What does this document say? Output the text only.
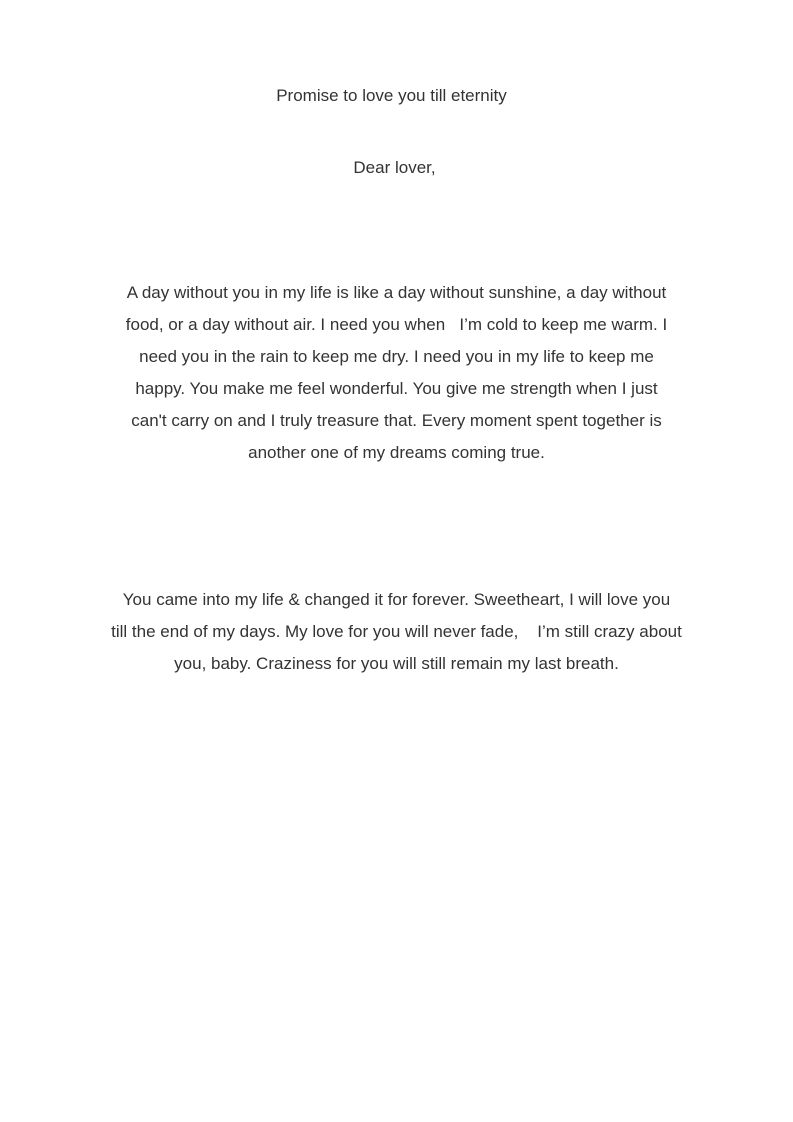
Promise to love you till eternity
Dear lover,

A day without you in my life is like a day without sunshine, a day without
food, or a day without air. I need you when   I’m cold to keep me warm. I
need you in the rain to keep me dry. I need you in my life to keep me
happy. You make me feel wonderful. You give me strength when I just
can't carry on and I truly treasure that. Every moment spent together is
another one of my dreams coming true.

You came into my life & changed it for forever. Sweetheart, I will love you
till the end of my days. My love for you will never fade,    I’m still crazy about
you, baby. Craziness for you will still remain my last breath.
